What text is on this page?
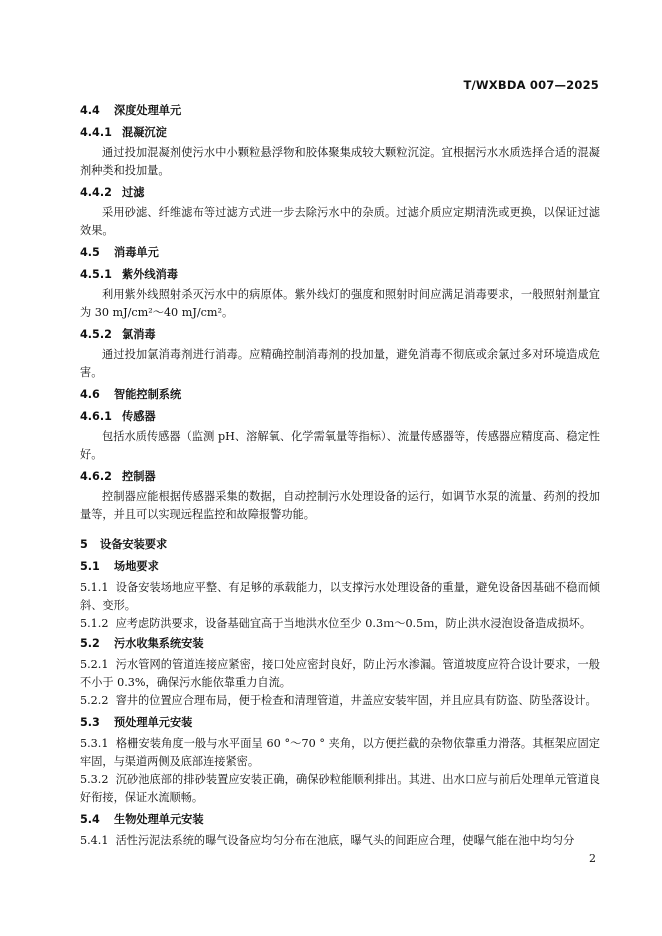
T/WXBDA 007—2025
4.4	深度处理单元
4.4.1 混凝沉淀
通过投加混凝剂使污水中小颗粒悬浮物和胶体聚集成较大颗粒沉淀。宜根据污水水质选择合适的混凝剂种类和投加量。
4.4.2 过滤
采用砂滤、纤维滤布等过滤方式进一步去除污水中的杂质。过滤介质应定期清洗或更换，以保证过滤效果。
4.5	消毒单元
4.5.1 紫外线消毒
利用紫外线照射杀灭污水中的病原体。紫外线灯的强度和照射时间应满足消毒要求，一般照射剂量宜为 30 mJ/cm²～40 mJ/cm²。
4.5.2 氯消毒
通过投加氯消毒剂进行消毒。应精确控制消毒剂的投加量，避免消毒不彻底或余氯过多对环境造成危害。
4.6	智能控制系统
4.6.1 传感器
包括水质传感器（监测 pH、溶解氧、化学需氧量等指标）、流量传感器等，传感器应精度高、稳定性好。
4.6.2 控制器
控制器应能根据传感器采集的数据，自动控制污水处理设备的运行，如调节水泵的流量、药剂的投加量等，并且可以实现远程监控和故障报警功能。
5	设备安装要求
5.1	场地要求
5.1.1 设备安装场地应平整、有足够的承载能力，以支撑污水处理设备的重量，避免设备因基础不稳而倾斜、变形。
5.1.2 应考虑防洪要求，设备基础宜高于当地洪水位至少 0.3ｍ～0.5ｍ，防止洪水浸泡设备造成损坏。
5.2	污水收集系统安装
5.2.1 污水管网的管道连接应紧密，接口处应密封良好，防止污水渗漏。管道坡度应符合设计要求，一般不小于 0.3%，确保污水能依靠重力自流。
5.2.2 窨井的位置应合理布局，便于检查和清理管道，井盖应安装牢固，并且应具有防盗、防坠落设计。
5.3	预处理单元安装
5.3.1 格栅安装角度一般与水平面呈 60 °～70 ° 夹角，以方便拦截的杂物依靠重力滑落。其框架应固定牢固，与渠道两侧及底部连接紧密。
5.3.2 沉砂池底部的排砂装置应安装正确，确保砂粒能顺利排出。其进、出水口应与前后处理单元管道良好衔接，保证水流顺畅。
5.4	生物处理单元安装
5.4.1 活性污泥法系统的曝气设备应均匀分布在池底，曝气头的间距应合理，使曝气能在池中均匀分
2
